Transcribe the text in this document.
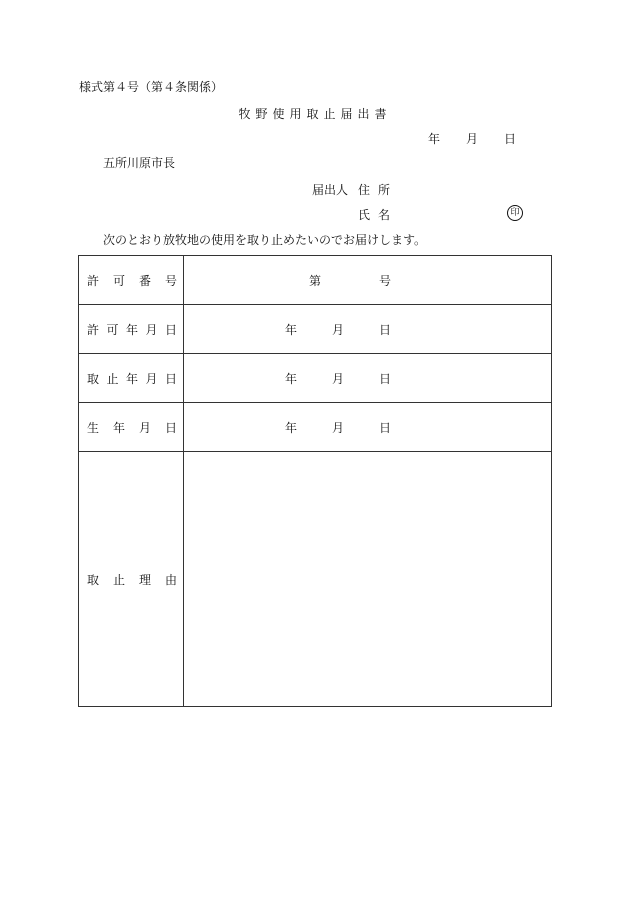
様式第４号（第４条関係）
牧野使用取止届出書
年 月 日
五所川原市長
届出人 住所
氏名	印
次のとおり放牧地の使用を取り止めたいのでお届けします。
許 可 番 号	第 号

許 可 年 月 日	年 月 日

取 止 年 月 日	年 月 日

生 年 月 日	年 月 日

取 止 理 由	
